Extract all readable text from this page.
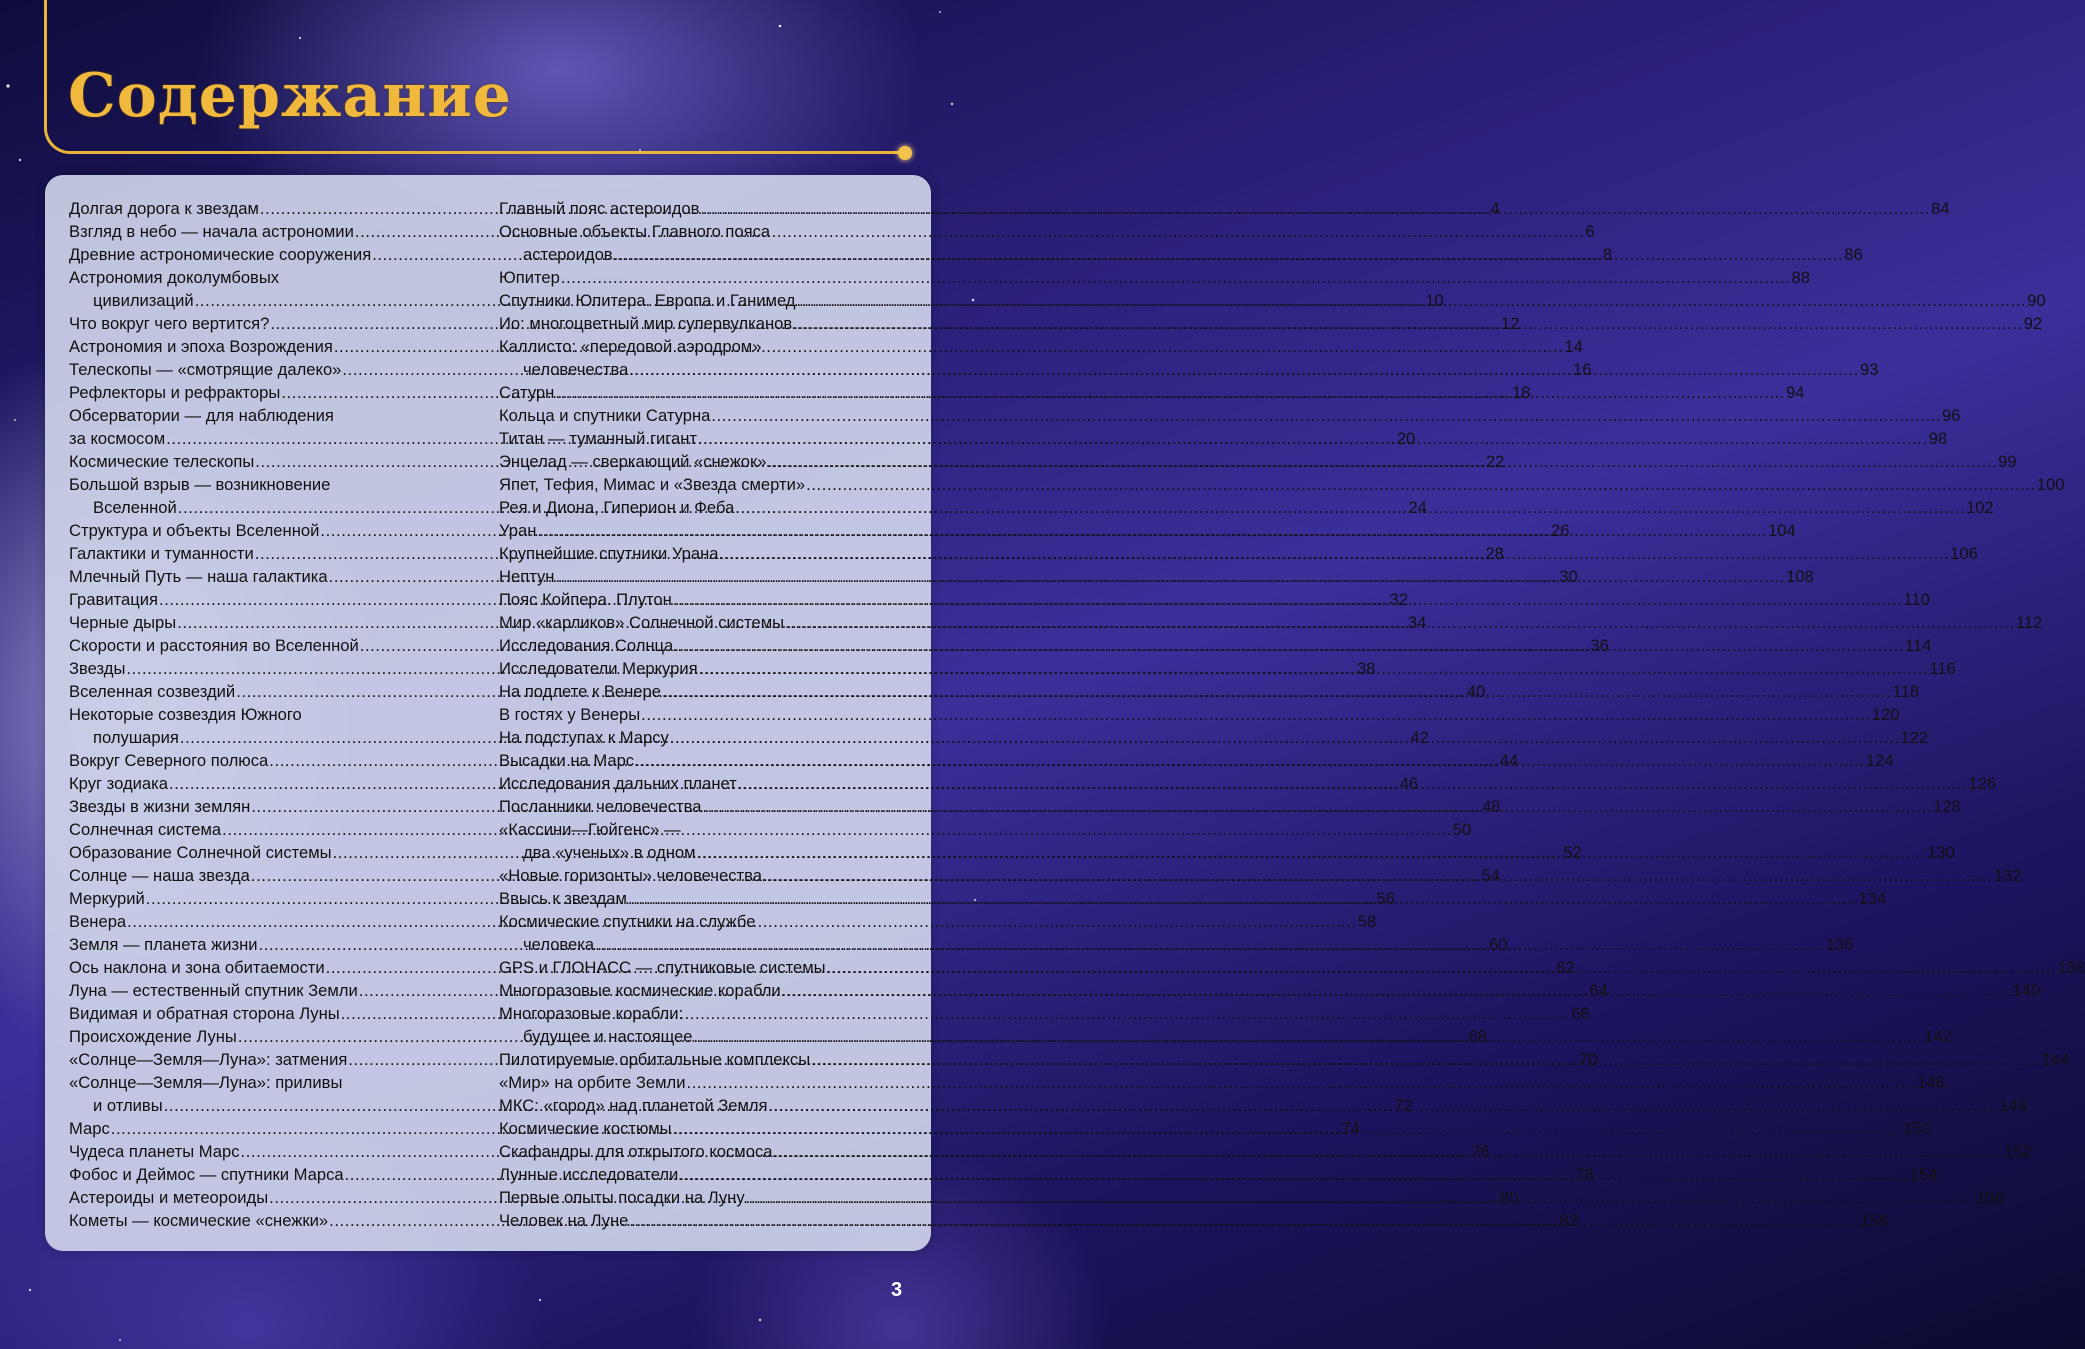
Содержание
Долгая дорога к звездам .....	4
Взгляд в небо — начала астрономии .....	6
Древние астрономические сооружения .....	8
Астрономия доколумбовых
цивилизаций .....	10
Что вокруг чего вертится? .....	12
Астрономия и эпоха Возрождения .....	14
Телескопы — «смотрящие далеко» .....	16
Рефлекторы и рефракторы .....	18
Обсерватории — для наблюдения
за космосом .....	20
Космические телескопы .....	22
Большой взрыв — возникновение
Вселенной .....	24
Структура и объекты Вселенной .....	26
Галактики и туманности .....	28
Млечный Путь — наша галактика .....	30
Гравитация .....	32
Черные дыры .....	34
Скорости и расстояния во Вселенной .....	36
Звезды .....	38
Вселенная созвездий .....	40
Некоторые созвездия Южного
полушария .....	42
Вокруг Северного полюса .....	44
Круг зодиака .....	46
Звезды в жизни землян .....	48
Солнечная система .....	50
Образование Солнечной системы .....	52
Солнце — наша звезда .....	54
Меркурий .....	56
Венера .....	58
Земля — планета жизни .....	60
Ось наклона и зона обитаемости .....	62
Луна — естественный спутник Земли .....	64
Видимая и обратная сторона Луны .....	66
Происхождение Луны .....	68
«Солнце—Земля—Луна»: затмения .....	70
«Солнце—Земля—Луна»: приливы
и отливы .....	72
Марс .....	74
Чудеса планеты Марс .....	76
Фобос и Деймос — спутники Марса .....	78
Астероиды и метеороиды .....	80
Кометы — космические «снежки» .....	82
Главный пояс астероидов .....	84
Основные объекты Главного пояса
астероидов .....	86
Юпитер .....	88
Спутники Юпитера. Европа и Ганимед .....	90
Ио: многоцветный мир супервулканов .....	92
Каллисто: «передовой аэродром»
человечества .....	93
Сатурн .....	94
Кольца и спутники Сатурна .....	96
Титан — туманный гигант .....	98
Энцелад — сверкающий «снежок» .....	99
Япет, Тефия, Мимас и «Звезда смерти» .....	100
Рея и Диона, Гиперион и Феба .....	102
Уран .....	104
Крупнейшие спутники Урана .....	106
Нептун .....	108
Пояс Койпера. Плутон .....	110
Мир «карликов» Солнечной системы .....	112
Исследования Солнца .....	114
Исследователи Меркурия .....	116
На подлете к Венере .....	118
В гостях у Венеры .....	120
На подступах к Марсу .....	122
Высадки на Марс .....	124
Исследования дальних планет .....	126
Посланники человечества .....	128
«Кассини—Гюйгенс» —
два «ученых» в одном .....	130
«Новые горизонты» человечества .....	132
Ввысь к звездам .....	134
Космические спутники на службе
человека .....	136
GPS и ГЛОНАСС — спутниковые системы .....	138
Многоразовые космические корабли .....	140
Многоразовые корабли:
будущее и настоящее .....	142
Пилотируемые орбитальные комплексы .....	144
«Мир» на орбите Земли .....	146
МКС: «город» над планетой Земля .....	148
Космические костюмы .....	150
Скафандры для открытого космоса .....	152
Лунные исследователи .....	154
Первые опыты посадки на Луну .....	156
Человек на Луне .....	158
3
